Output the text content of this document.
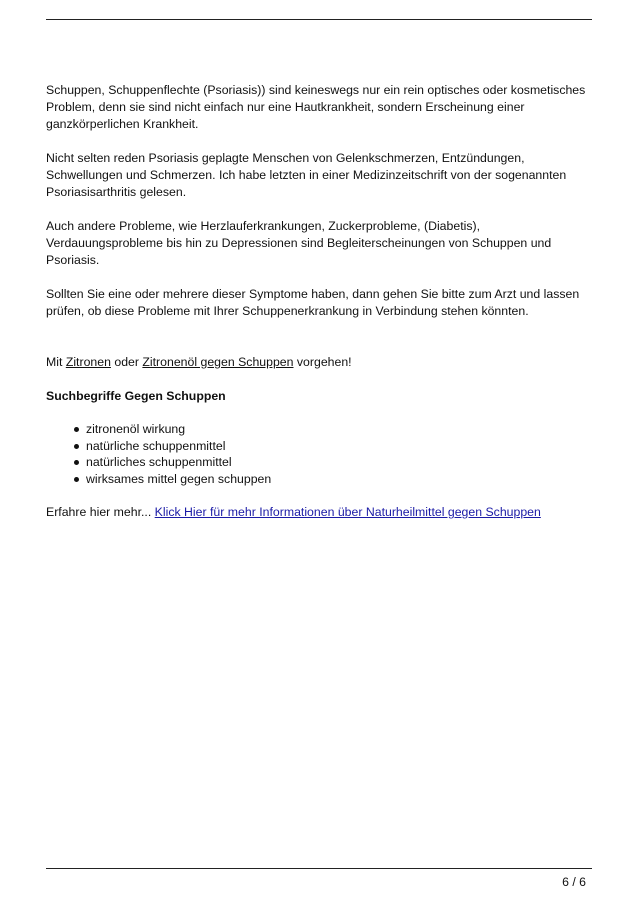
Schuppen, Schuppenflechte (Psoriasis)) sind keineswegs nur ein rein optisches oder kosmetisches Problem, denn sie sind nicht einfach nur eine Hautkrankheit, sondern Erscheinung einer ganzkörperlichen Krankheit.

Nicht selten reden Psoriasis geplagte Menschen von Gelenkschmerzen, Entzündungen, Schwellungen und Schmerzen. Ich habe letzten in einer Medizinzeitschrift von der sogenannten Psoriasisarthritis gelesen.

Auch andere Probleme, wie Herzlauferkrankungen, Zuckerprobleme, (Diabetis), Verdauungsprobleme bis hin zu Depressionen sind Begleiterscheinungen von Schuppen und Psoriasis.

Sollten Sie eine oder mehrere dieser Symptome haben, dann gehen Sie bitte zum Arzt und lassen prüfen, ob diese Probleme mit Ihrer Schuppenerkrankung in Verbindung stehen könnten.

Mit Zitronen oder Zitronenöl gegen Schuppen vorgehen!

Suchbegriffe Gegen Schuppen

zitronenöl wirkung
natürliche schuppenmittel
natürliches schuppenmittel
wirksames mittel gegen schuppen

Erfahre hier mehr... Klick Hier für mehr Informationen über Naturheilmittel gegen Schuppen

6 / 6
